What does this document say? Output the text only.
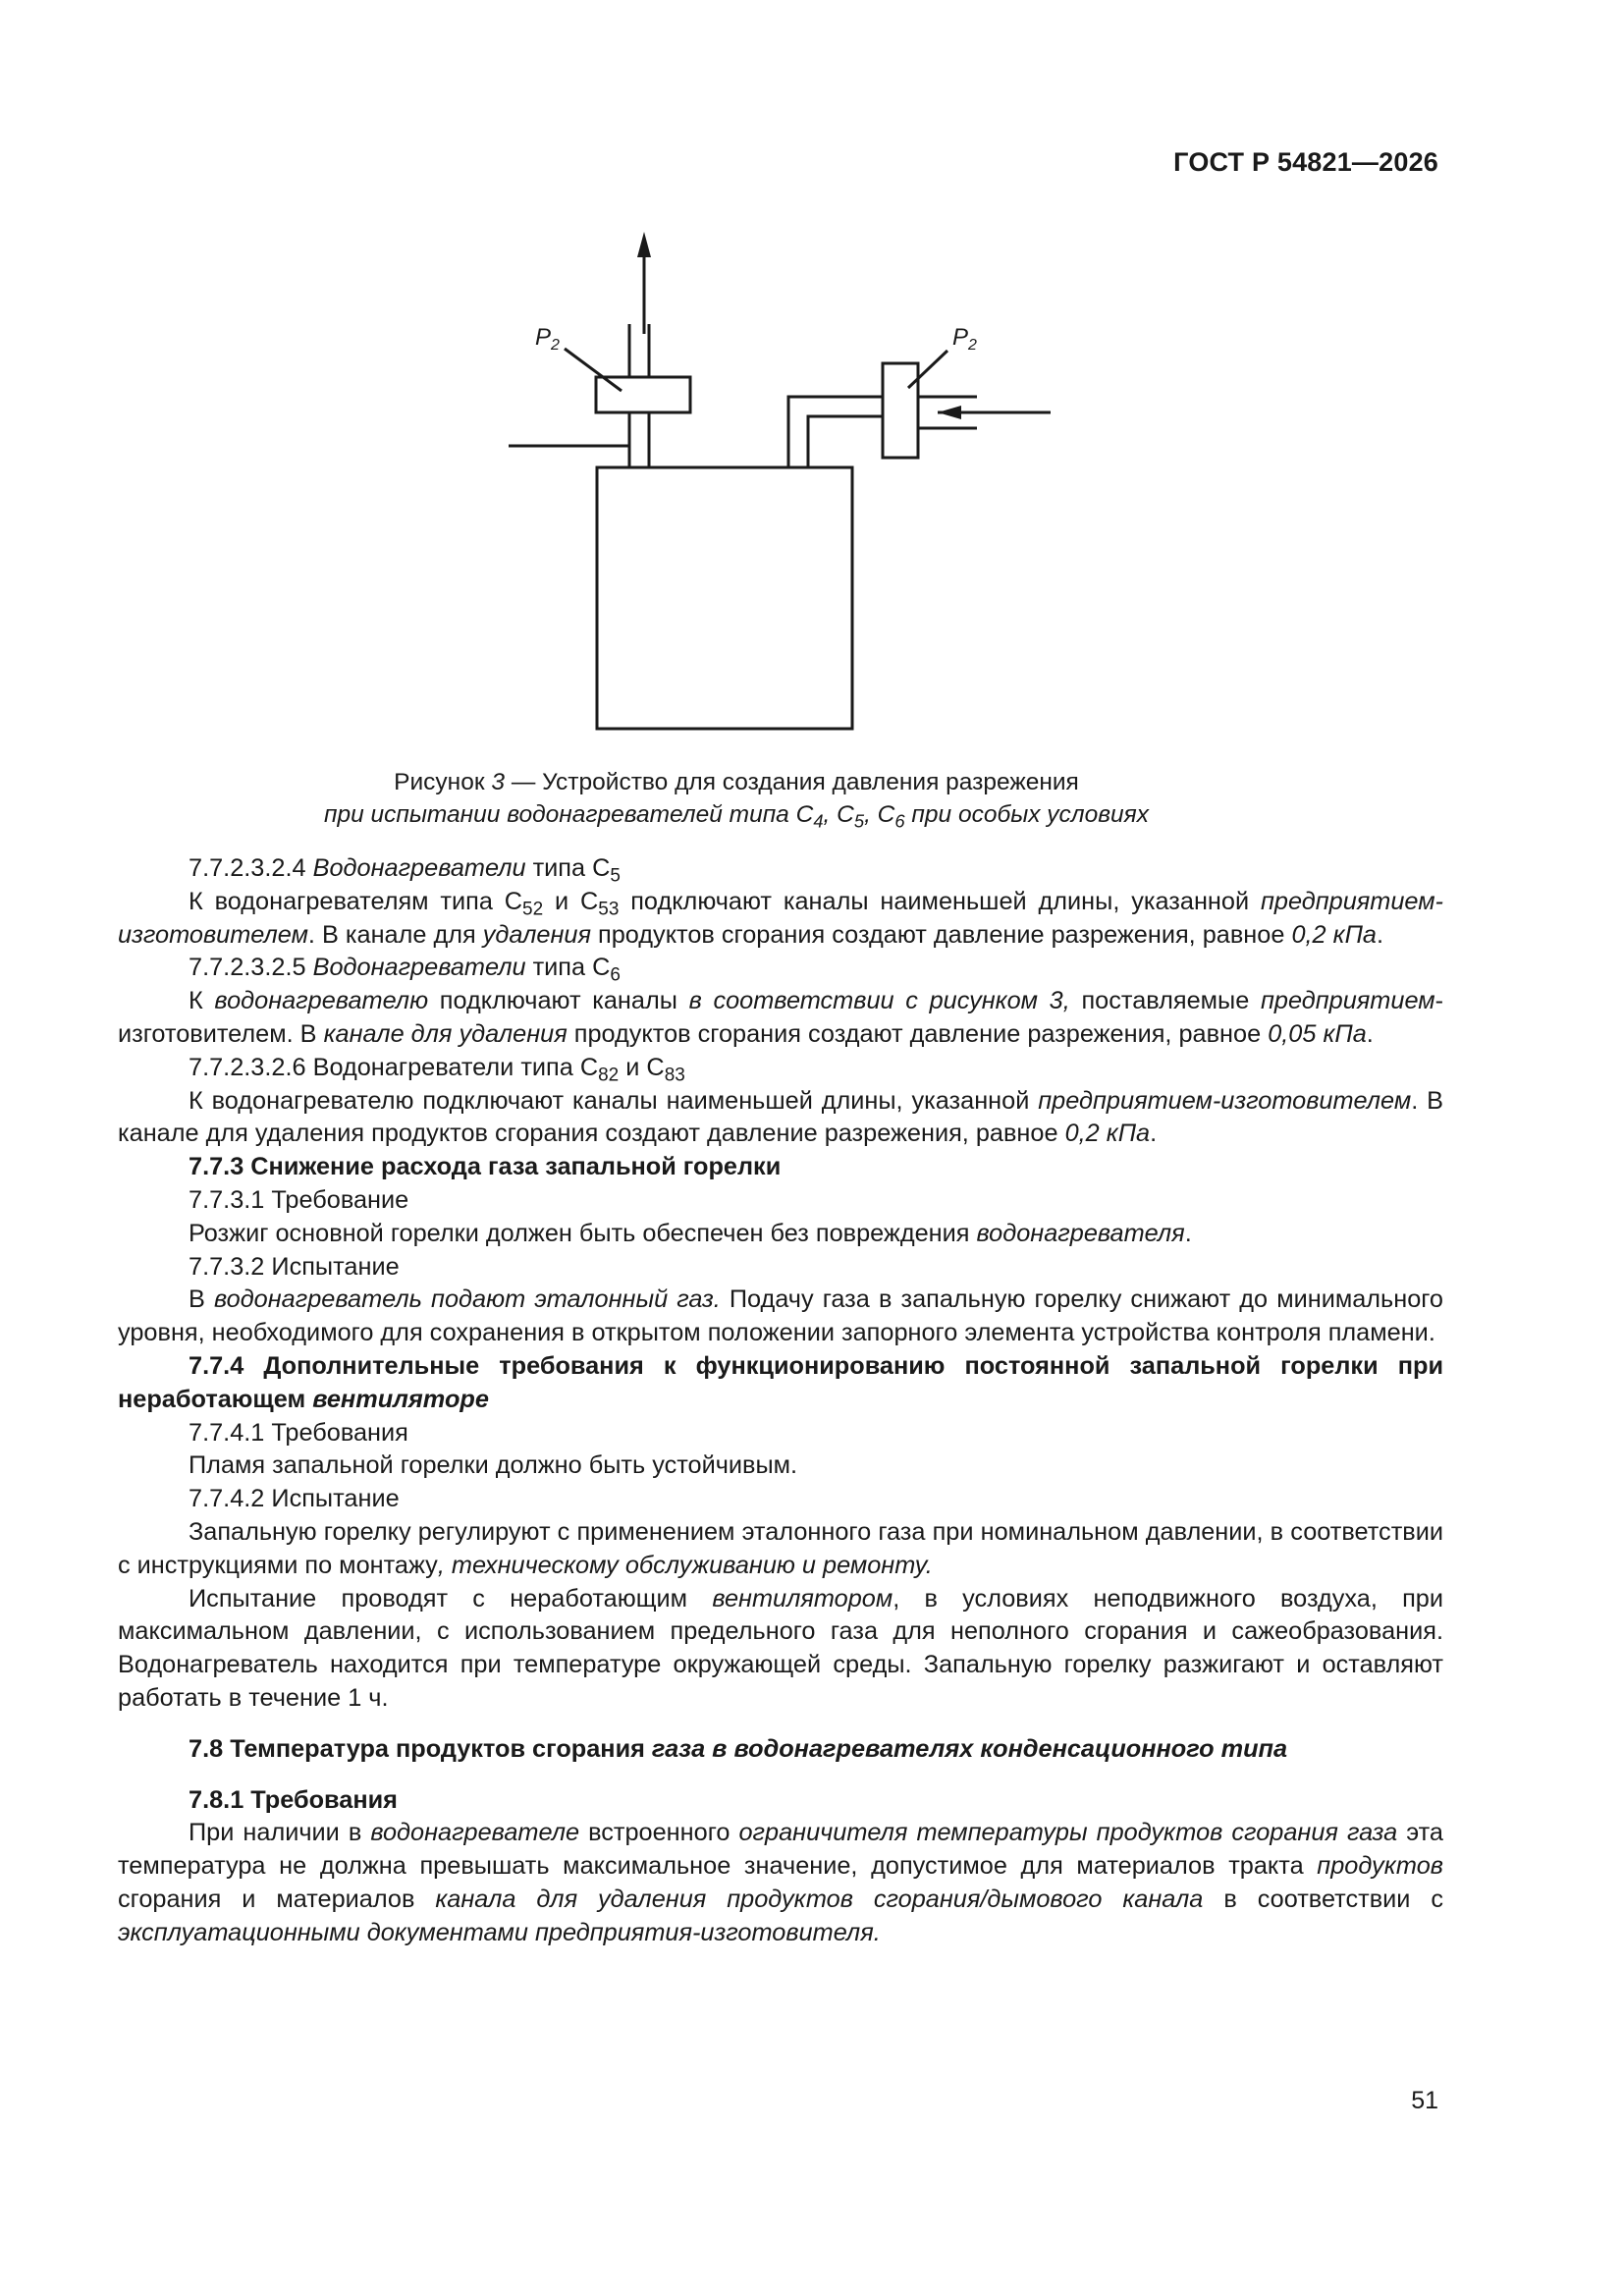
ГОСТ Р 54821—2026
$P_2$	$P_2$
Рисунок 3 — Устройство для создания давления разрежения
при испытании водонагревателей типа $C_4$, $C_5$, $C_6$ при особых условиях

7.7.2.3.2.4 Водонагреватели типа $C_5$

К водонагревателям типа $C_{52}$ и $C_{53}$ подключают каналы наименьшей длины, указанной предприятием-изготовителем. В канале для удаления продуктов сгорания создают давление разрежения, равное 0,2 кПа.

7.7.2.3.2.5 Водонагреватели типа $C_6$

К водонагревателю подключают каналы в соответствии с рисунком 3, поставляемые предприятием-изготовителем. В канале для удаления продуктов сгорания создают давление разрежения, равное 0,05 кПа.

7.7.2.3.2.6 Водонагреватели типа $C_{82}$ и $C_{83}$

К водонагревателю подключают каналы наименьшей длины, указанной предприятием-изготовителем. В канале для удаления продуктов сгорания создают давление разрежения, равное 0,2 кПа.

7.7.3 Снижение расхода газа запальной горелки

7.7.3.1 Требование

Розжиг основной горелки должен быть обеспечен без повреждения водонагревателя.

7.7.3.2 Испытание

В водонагреватель подают эталонный газ. Подачу газа в запальную горелку снижают до минимального уровня, необходимого для сохранения в открытом положении запорного элемента устройства контроля пламени.

7.7.4 Дополнительные требования к функционированию постоянной запальной горелки при неработающем вентиляторе

7.7.4.1 Требования

Пламя запальной горелки должно быть устойчивым.

7.7.4.2 Испытание

Запальную горелку регулируют с применением эталонного газа при номинальном давлении, в соответствии с инструкциями по монтажу, техническому обслуживанию и ремонту.

Испытание проводят с неработающим вентилятором, в условиях неподвижного воздуха, при максимальном давлении, с использованием предельного газа для неполного сгорания и сажеобразования. Водонагреватель находится при температуре окружающей среды. Запальную горелку разжигают и оставляют работать в течение 1 ч.

7.8 Температура продуктов сгорания газа в водонагревателях конденсационного типа

7.8.1 Требования

При наличии в водонагревателе встроенного ограничителя температуры продуктов сгорания газа эта температура не должна превышать максимальное значение, допустимое для материалов тракта продуктов сгорания и материалов канала для удаления продуктов сгорания/дымового канала в соответствии с эксплуатационными документами предприятия-изготовителя.

51
